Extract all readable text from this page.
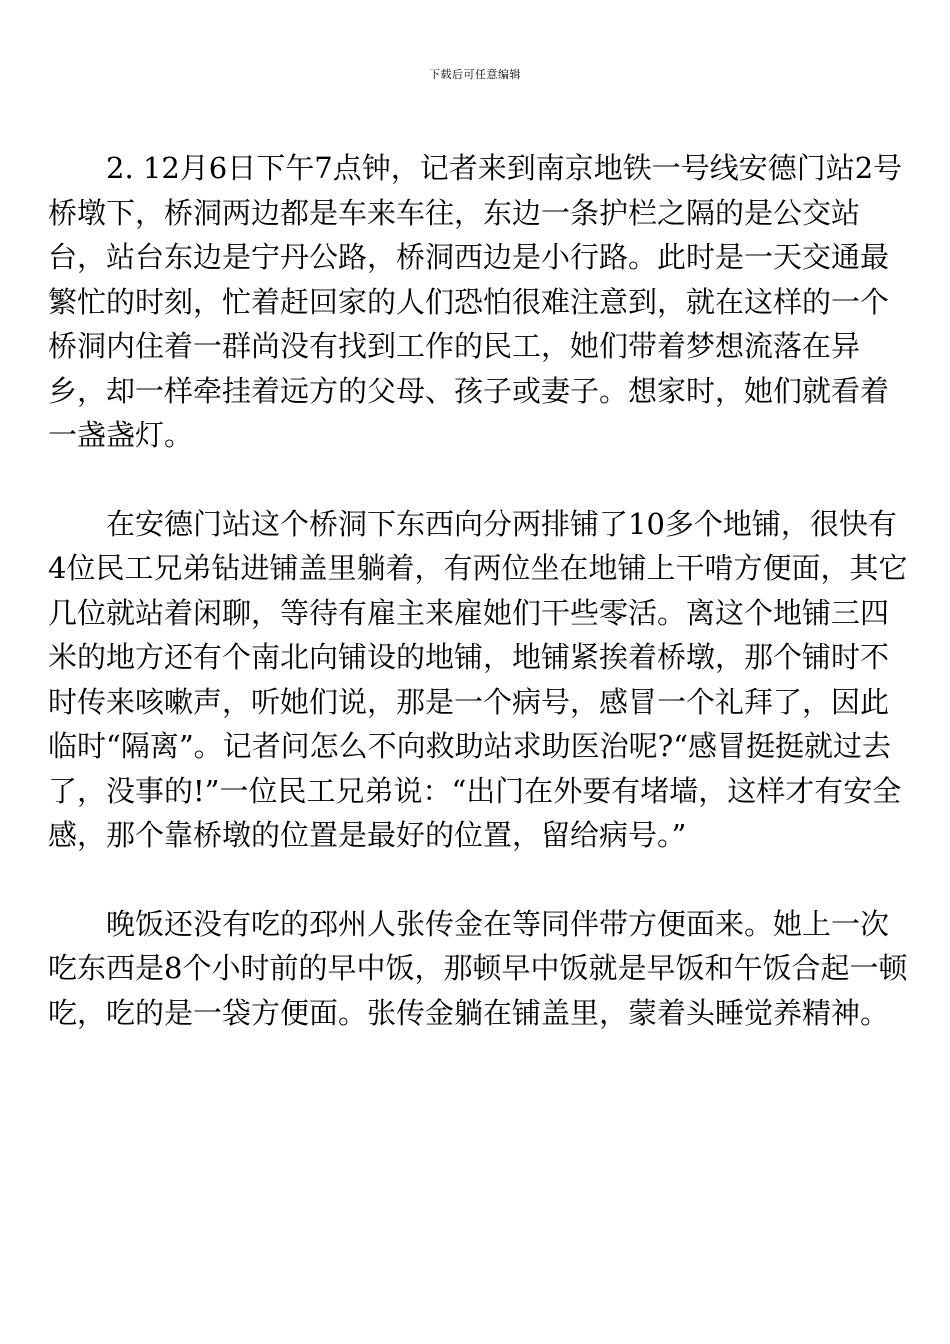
下载后可任意编辑

2. 12月6日下午7点钟，记者来到南京地铁一号线安德门站2号桥墩下，桥洞两边都是车来车往，东边一条护栏之隔的是公交站台，站台东边是宁丹公路，桥洞西边是小行路。此时是一天交通最繁忙的时刻，忙着赶回家的人们恐怕很难注意到，就在这样的一个桥洞内住着一群尚没有找到工作的民工，她们带着梦想流落在异乡，却一样牵挂着远方的父母、孩子或妻子。想家时，她们就看着一盏盏灯。

在安德门站这个桥洞下东西向分两排铺了10多个地铺，很快有4位民工兄弟钻进铺盖里躺着，有两位坐在地铺上干啃方便面，其它几位就站着闲聊，等待有雇主来雇她们干些零活。离这个地铺三四米的地方还有个南北向铺设的地铺，地铺紧挨着桥墩，那个铺时不时传来咳嗽声，听她们说，那是一个病号，感冒一个礼拜了，因此临时“隔离”。记者问怎么不向救助站求助医治呢?“感冒挺挺就过去了，没事的!”一位民工兄弟说：“出门在外要有堵墙，这样才有安全感，那个靠桥墩的位置是最好的位置，留给病号。”

晚饭还没有吃的邳州人张传金在等同伴带方便面来。她上一次吃东西是8个小时前的早中饭，那顿早中饭就是早饭和午饭合起一顿吃，吃的是一袋方便面。张传金躺在铺盖里，蒙着头睡觉养精神。
